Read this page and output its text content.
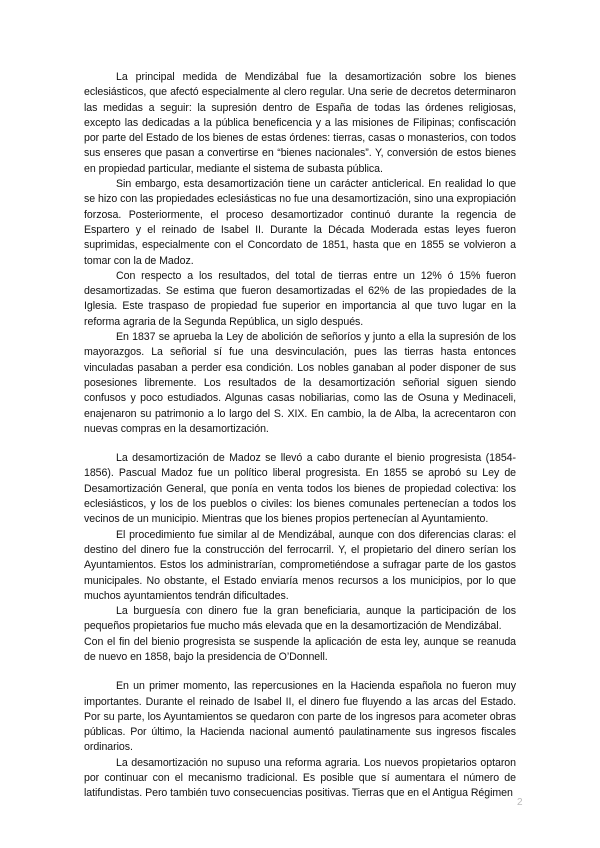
La principal medida de Mendizábal fue la desamortización sobre los bienes eclesiásticos, que afectó especialmente al clero regular. Una serie de decretos determinaron las medidas a seguir: la supresión dentro de España de todas las órdenes religiosas, excepto las dedicadas a la pública beneficencia y a las misiones de Filipinas; confiscación por parte del Estado de los bienes de estas órdenes: tierras, casas o monasterios, con todos sus enseres que pasan a convertirse en “bienes nacionales”. Y, conversión de estos bienes en propiedad particular, mediante el sistema de subasta pública.

Sin embargo, esta desamortización tiene un carácter anticlerical. En realidad lo que se hizo con las propiedades eclesiásticas no fue una desamortización, sino una expropiación forzosa. Posteriormente, el proceso desamortizador continuó durante la regencia de Espartero y el reinado de Isabel II. Durante la Década Moderada estas leyes fueron suprimidas, especialmente con el Concordato de 1851, hasta que en 1855 se volvieron a tomar con la de Madoz.

Con respecto a los resultados, del total de tierras entre un 12% ó 15% fueron desamortizadas. Se estima que fueron desamortizadas el 62% de las propiedades de la Iglesia. Este traspaso de propiedad fue superior en importancia al que tuvo lugar en la reforma agraria de la Segunda República, un siglo después.

En 1837 se aprueba la Ley de abolición de señoríos y junto a ella la supresión de los mayorazgos. La señorial sí fue una desvinculación, pues las tierras hasta entonces vinculadas pasaban a perder esa condición. Los nobles ganaban al poder disponer de sus posesiones libremente. Los resultados de la desamortización señorial siguen siendo confusos y poco estudiados. Algunas casas nobiliarias, como las de Osuna y Medinaceli, enajenaron su patrimonio a lo largo del S. XIX. En cambio, la de Alba, la acrecentaron con nuevas compras en la desamortización.

La desamortización de Madoz se llevó a cabo durante el bienio progresista (1854-1856). Pascual Madoz fue un político liberal progresista. En 1855 se aprobó su Ley de Desamortización General, que ponía en venta todos los bienes de propiedad colectiva: los eclesiásticos, y los de los pueblos o civiles: los bienes comunales pertenecían a todos los vecinos de un municipio. Mientras que los bienes propios pertenecían al Ayuntamiento.

El procedimiento fue similar al de Mendizábal, aunque con dos diferencias claras: el destino del dinero fue la construcción del ferrocarril. Y, el propietario del dinero serían los Ayuntamientos. Estos los administrarían, comprometiéndose a sufragar parte de los gastos municipales. No obstante, el Estado enviaría menos recursos a los municipios, por lo que muchos ayuntamientos tendrán dificultades.

La burguesía con dinero fue la gran beneficiaria, aunque la participación de los pequeños propietarios fue mucho más elevada que en la desamortización de Mendizábal.

Con el fin del bienio progresista se suspende la aplicación de esta ley, aunque se reanuda de nuevo en 1858, bajo la presidencia de O’Donnell.

En un primer momento, las repercusiones en la Hacienda española no fueron muy importantes. Durante el reinado de Isabel II, el dinero fue fluyendo a las arcas del Estado. Por su parte, los Ayuntamientos se quedaron con parte de los ingresos para acometer obras públicas. Por último, la Hacienda nacional aumentó paulatinamente sus ingresos fiscales ordinarios.

La desamortización no supuso una reforma agraria. Los nuevos propietarios optaron por continuar con el mecanismo tradicional. Es posible que sí aumentara el número de latifundistas. Pero también tuvo consecuencias positivas. Tierras que en el Antigua Régimen

2
